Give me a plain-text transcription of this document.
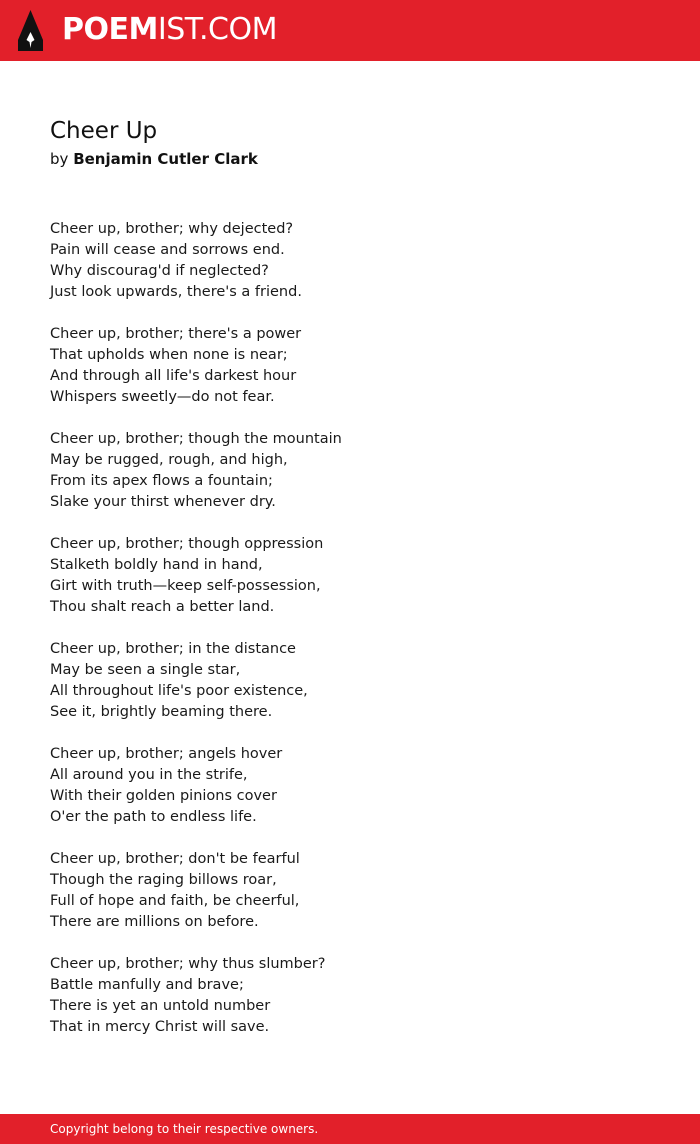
POEMIST.COM
Cheer Up
by Benjamin Cutler Clark
Cheer up, brother; why dejected?
Pain will cease and sorrows end.
Why discourag'd if neglected?
Just look upwards, there's a friend.
Cheer up, brother; there's a power
That upholds when none is near;
And through all life's darkest hour
Whispers sweetly—do not fear.
Cheer up, brother; though the mountain
May be rugged, rough, and high,
From its apex flows a fountain;
Slake your thirst whenever dry.
Cheer up, brother; though oppression
Stalketh boldly hand in hand,
Girt with truth—keep self-possession,
Thou shalt reach a better land.
Cheer up, brother; in the distance
May be seen a single star,
All throughout life's poor existence,
See it, brightly beaming there.
Cheer up, brother; angels hover
All around you in the strife,
With their golden pinions cover
O'er the path to endless life.
Cheer up, brother; don't be fearful
Though the raging billows roar,
Full of hope and faith, be cheerful,
There are millions on before.
Cheer up, brother; why thus slumber?
Battle manfully and brave;
There is yet an untold number
That in mercy Christ will save.
Copyright belong to their respective owners.
